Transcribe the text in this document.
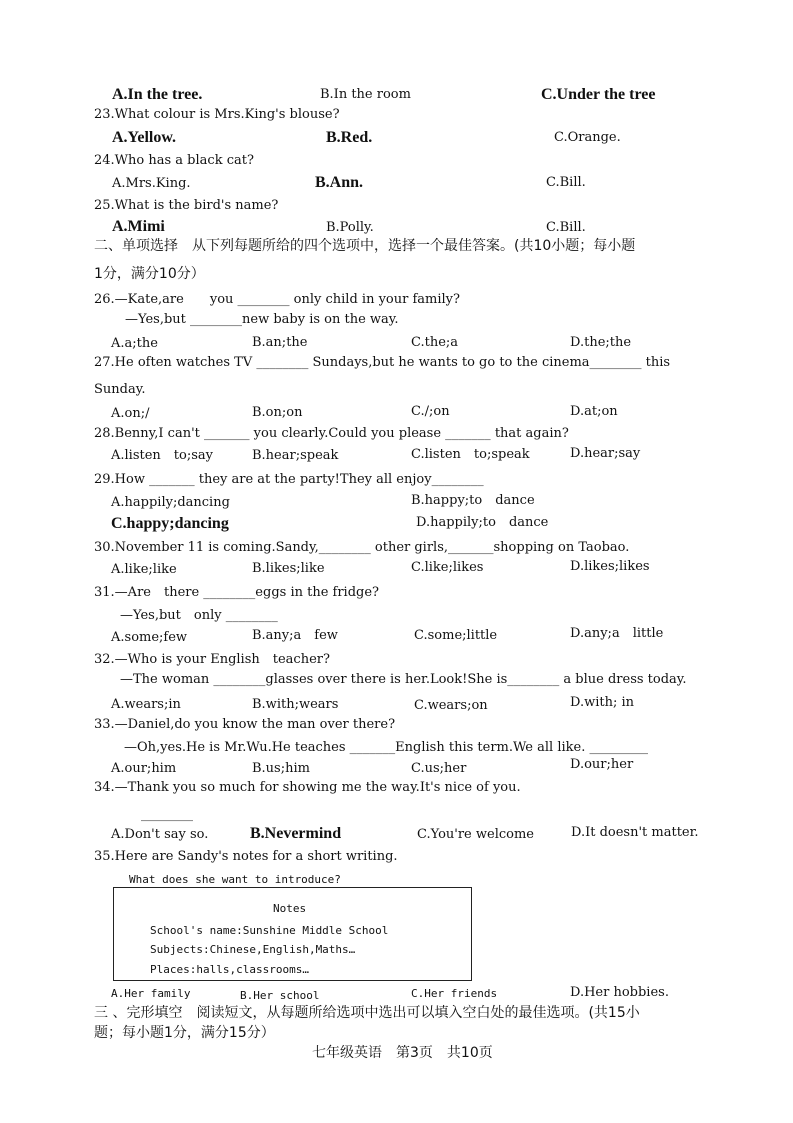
A.In the tree.	B.In the room	C.Under the tree
23.What colour is Mrs.King's blouse?
A.Yellow.	B.Red.	C.Orange.
24.Who has a black cat?
A.Mrs.King.	B.Ann.	C.Bill.
25.What is the bird's name?
A.Mimi	B.Polly.	C.Bill.
二、单项选择　从下列每题所给的四个选项中，选择一个最佳答案。(共10小题；每小题
1分，满分10分）
26.—Kate,are　　you ________ only child in your family?
—Yes,but ________new baby is on the way.
A.a;the	B.an;the	C.the;a	D.the;the
27.He often watches TV ________ Sundays,but he wants to go to the cinema________ this
Sunday.
A.on;/	B.on;on	C./;on	D.at;on
28.Benny,I can't _______ you clearly.Could you please _______ that again?
A.listen　to;say	B.hear;speak	C.listen　to;speak	D.hear;say
29.How _______ they are at the party!They all enjoy________
A.happily;dancing	B.happy;to　dance
C.happy;dancing	D.happily;to　dance
30.November 11 is coming.Sandy,________ other girls,_______shopping on Taobao.
A.like;like	B.likes;like	C.like;likes	D.likes;likes
31.—Are　there ________eggs in the fridge?
—Yes,but　only ________
A.some;few	B.any;a　few	C.some;little	D.any;a　little
32.—Who is your English　teacher?
—The woman ________glasses over there is her.Look!She is________ a blue dress today.
A.wears;in	B.with;wears	C.wears;on	D.with; in
33.—Daniel,do you know the man over there?
—Oh,yes.He is Mr.Wu.He teaches _______English this term.We all like. _________
A.our;him	B.us;him	C.us;her	D.our;her
34.—Thank you so much for showing me the way.It's nice of you.
________
A.Don't say so.	B.Nevermind	C.You're welcome	D.It doesn't matter.
35.Here are Sandy's notes for a short writing.
What does she want to introduce?
Notes
School's name:Sunshine Middle School
Subjects:Chinese,English,Maths…
Places:halls,classrooms…
A.Her family	B.Her school	C.Her friends	D.Her hobbies.
三 、完形填空　阅读短文，从每题所给选项中选出可以填入空白处的最佳选项。(共15小
题；每小题1分，满分15分）
七年级英语　第3页　共10页
